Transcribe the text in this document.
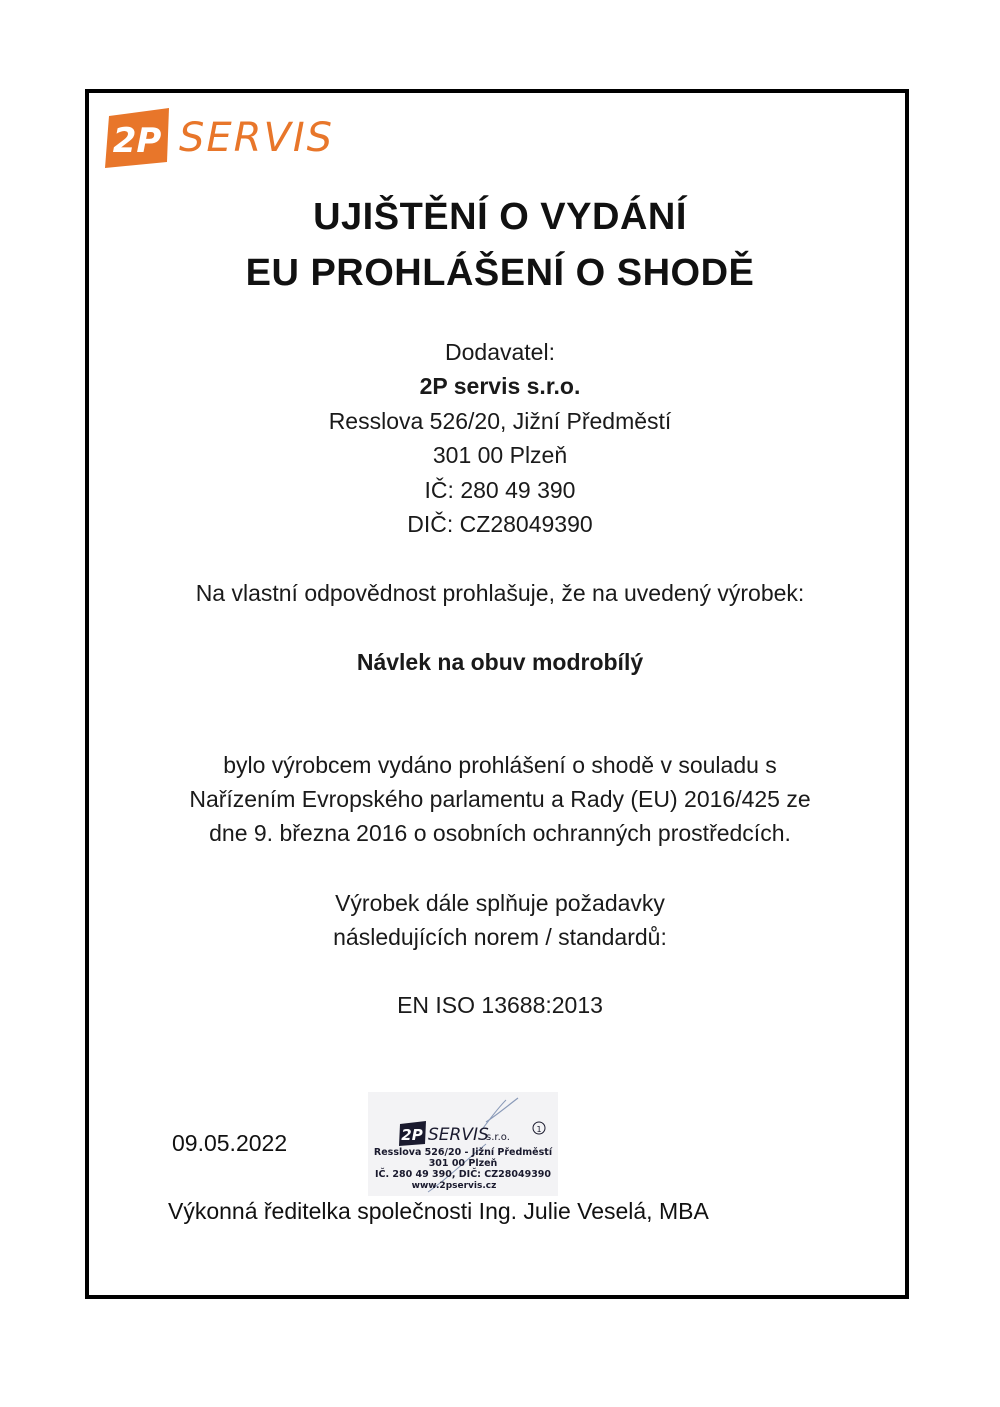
2P SERVIS
UJIŠTĚNÍ O VYDÁNÍ
EU PROHLÁŠENÍ O SHODĚ
Dodavatel:
2P servis s.r.o.
Resslova 526/20, Jižní Předměstí
301 00 Plzeň
IČ: 280 49 390
DIČ: CZ28049390
Na vlastní odpovědnost prohlašuje, že na uvedený výrobek:
Návlek na obuv modrobílý
bylo výrobcem vydáno prohlášení o shodě v souladu s
Nařízením Evropského parlamentu a Rady (EU) 2016/425 ze
dne 9. března 2016 o osobních ochranných prostředcích.
Výrobek dále splňuje požadavky
následujících norem / standardů:
EN ISO 13688:2013
09.05.2022	2P SERVIS
s.r.o.
1
Resslova 526/20 - Jižní Předměstí
301 00 Plzeň
IČ. 280 49 390, DIČ: CZ28049390
www.2pservis.cz
Výkonná ředitelka společnosti Ing. Julie Veselá, MBA
